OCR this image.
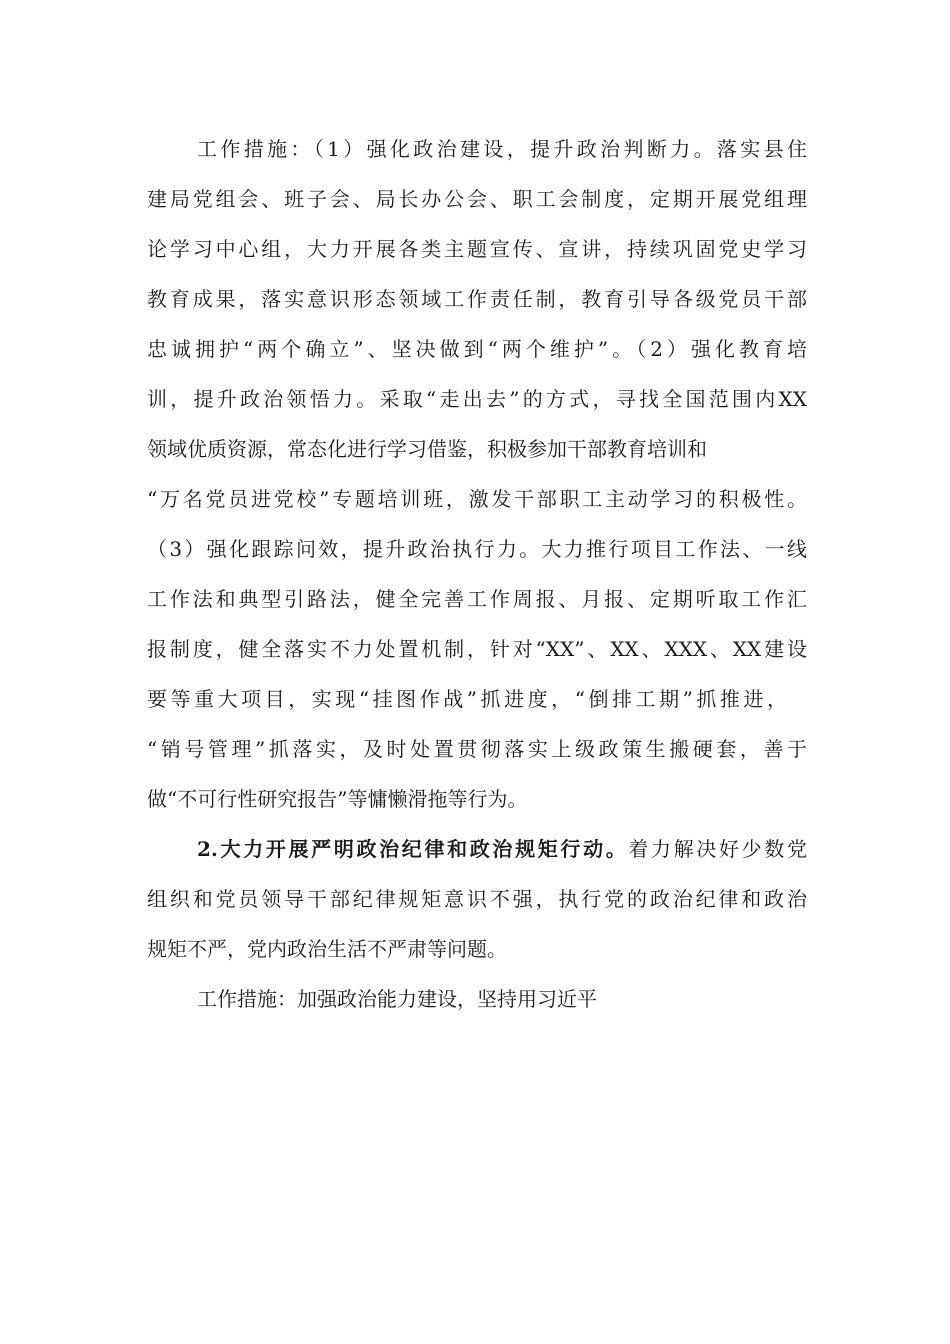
工作措施：（1）强化政治建设，提升政治判断力。落实县住
建局党组会、班子会、局长办公会、职工会制度，定期开展党组理
论学习中心组，大力开展各类主题宣传、宣讲，持续巩固党史学习
教育成果，落实意识形态领域工作责任制，教育引导各级党员干部
忠诚拥护“两个确立”、坚决做到“两个维护”。（2）强化教育培
训，提升政治领悟力。采取“走出去”的方式，寻找全国范围内XX
领域优质资源，常态化进行学习借鉴，积极参加干部教育培训和
“万名党员进党校”专题培训班，激发干部职工主动学习的积极性。
（3）强化跟踪问效，提升政治执行力。大力推行项目工作法、一线
工作法和典型引路法，健全完善工作周报、月报、定期听取工作汇
报制度，健全落实不力处置机制，针对“XX”、XX、XXX、XX建设
要等重大项目，实现“挂图作战”抓进度，“倒排工期”抓推进，
“销号管理”抓落实，及时处置贯彻落实上级政策生搬硬套，善于
做“不可行性研究报告”等慵懒滑拖等行为。
2.大力开展严明政治纪律和政治规矩行动。着力解决好少数党
组织和党员领导干部纪律规矩意识不强，执行党的政治纪律和政治
规矩不严，党内政治生活不严肃等问题。
工作措施：加强政治能力建设，坚持用习近平
